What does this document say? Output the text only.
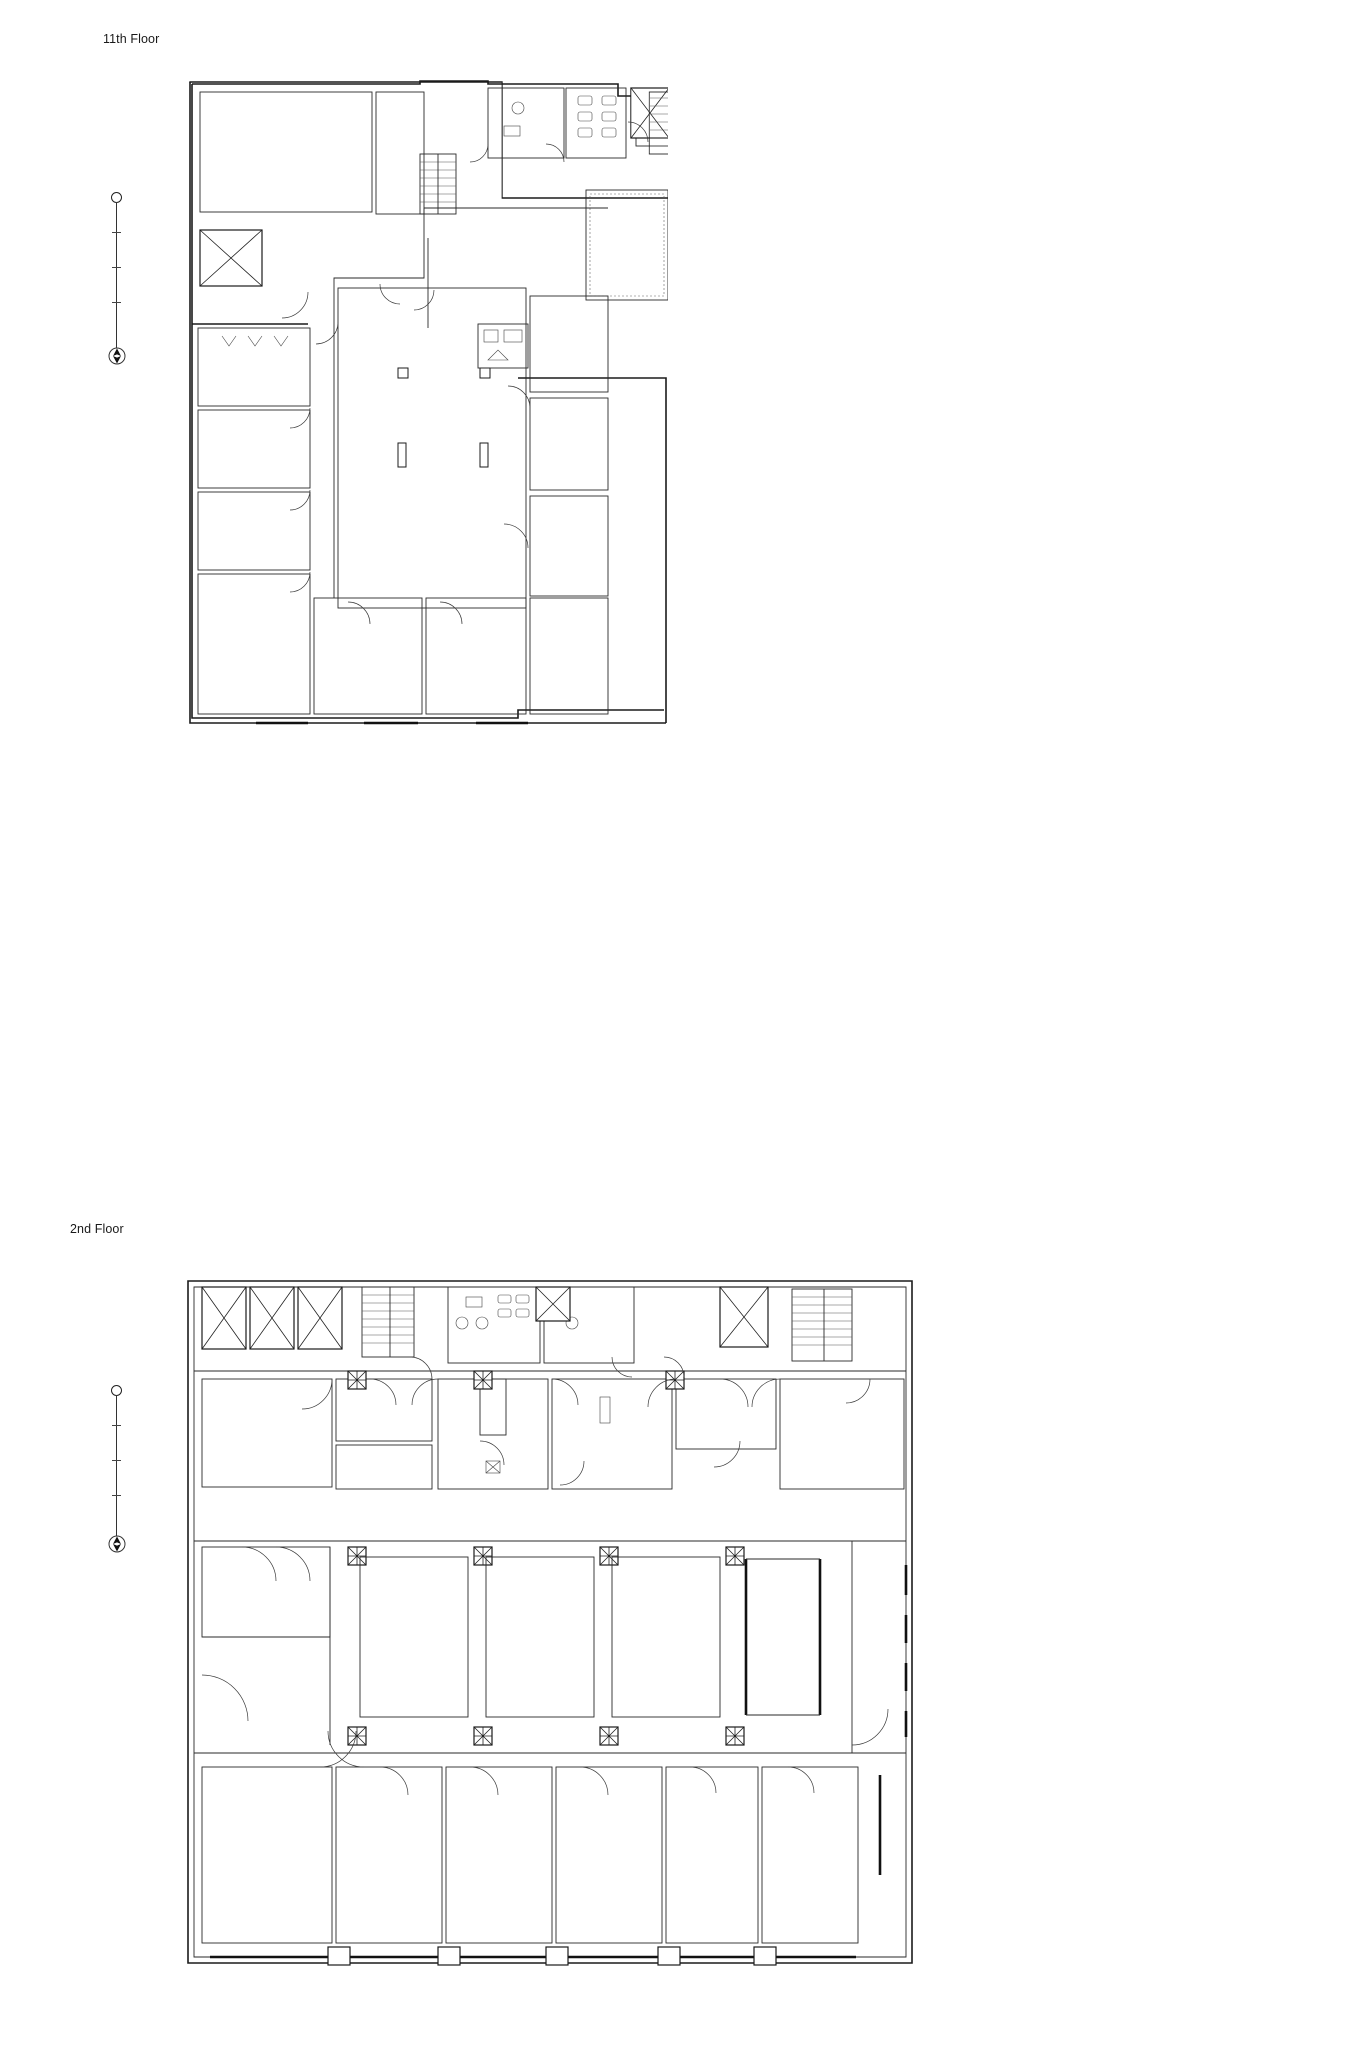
11th Floor
2nd Floor
